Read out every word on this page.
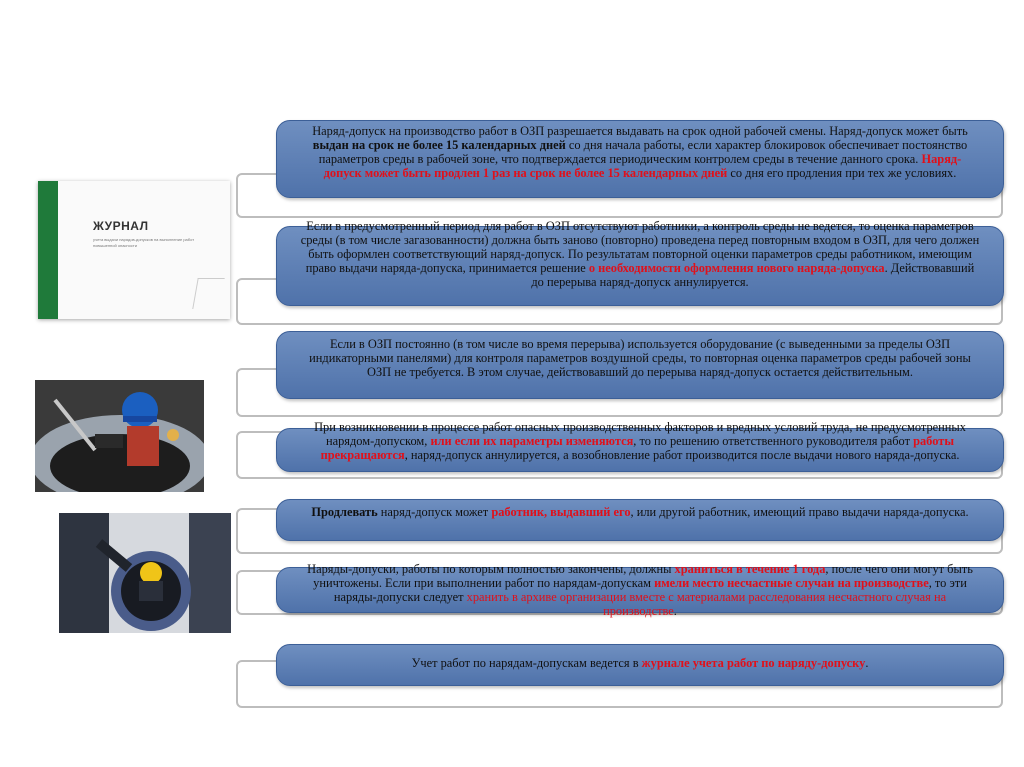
Наряд-допуск на производство работ в ОЗП разрешается выдавать на срок одной рабочей смены. Наряд-допуск может быть выдан на срок не более 15 календарных дней со дня начала работы, если характер блокировок обеспечивает постоянство параметров среды в рабочей зоне, что подтверждается периодическим контролем среды в течение данного срока. Наряд-допуск может быть продлен 1 раз на срок не более 15 календарных дней со дня его продления при тех же условиях.
Если в предусмотренный период для работ в ОЗП отсутствуют работники, а контроль среды не ведется, то оценка параметров среды (в том числе загазованности) должна быть заново (повторно) проведена перед повторным входом в ОЗП, для чего должен быть оформлен соответствующий наряд-допуск. По результатам повторной оценки параметров среды работником, имеющим право выдачи наряда-допуска, принимается решение о необходимости оформления нового наряда-допуска. Действовавший до перерыва наряд-допуск аннулируется.
Если в ОЗП постоянно (в том числе во время перерыва) используется оборудование (с выведенными за пределы ОЗП индикаторными панелями) для контроля параметров воздушной среды, то повторная оценка параметров среды рабочей зоны ОЗП не требуется. В этом случае, действовавший до перерыва наряд-допуск остается действительным.
При возникновении в процессе работ опасных производственных факторов и вредных условий труда, не предусмотренных нарядом-допуском, или если их параметры изменяются, то по решению ответственного руководителя работ работы прекращаются, наряд-допуск аннулируется, а возобновление работ производится после выдачи нового наряда-допуска.
Продлевать наряд-допуск может работник, выдавший его, или другой работник, имеющий право выдачи наряда-допуска.
Наряды-допуски, работы по которым полностью закончены, должны храниться в течение 1 года, после чего они могут быть уничтожены. Если при выполнении работ по нарядам-допускам имели место несчастные случаи на производстве, то эти наряды-допуски следует хранить в архиве организации вместе с материалами расследования несчастного случая на производстве.
Учет работ по нарядам-допускам ведется в журнале учета работ по наряду-допуску.
ЖУРНАЛ
учета выдачи нарядов-допусков на выполнение работ повышенной опасности
